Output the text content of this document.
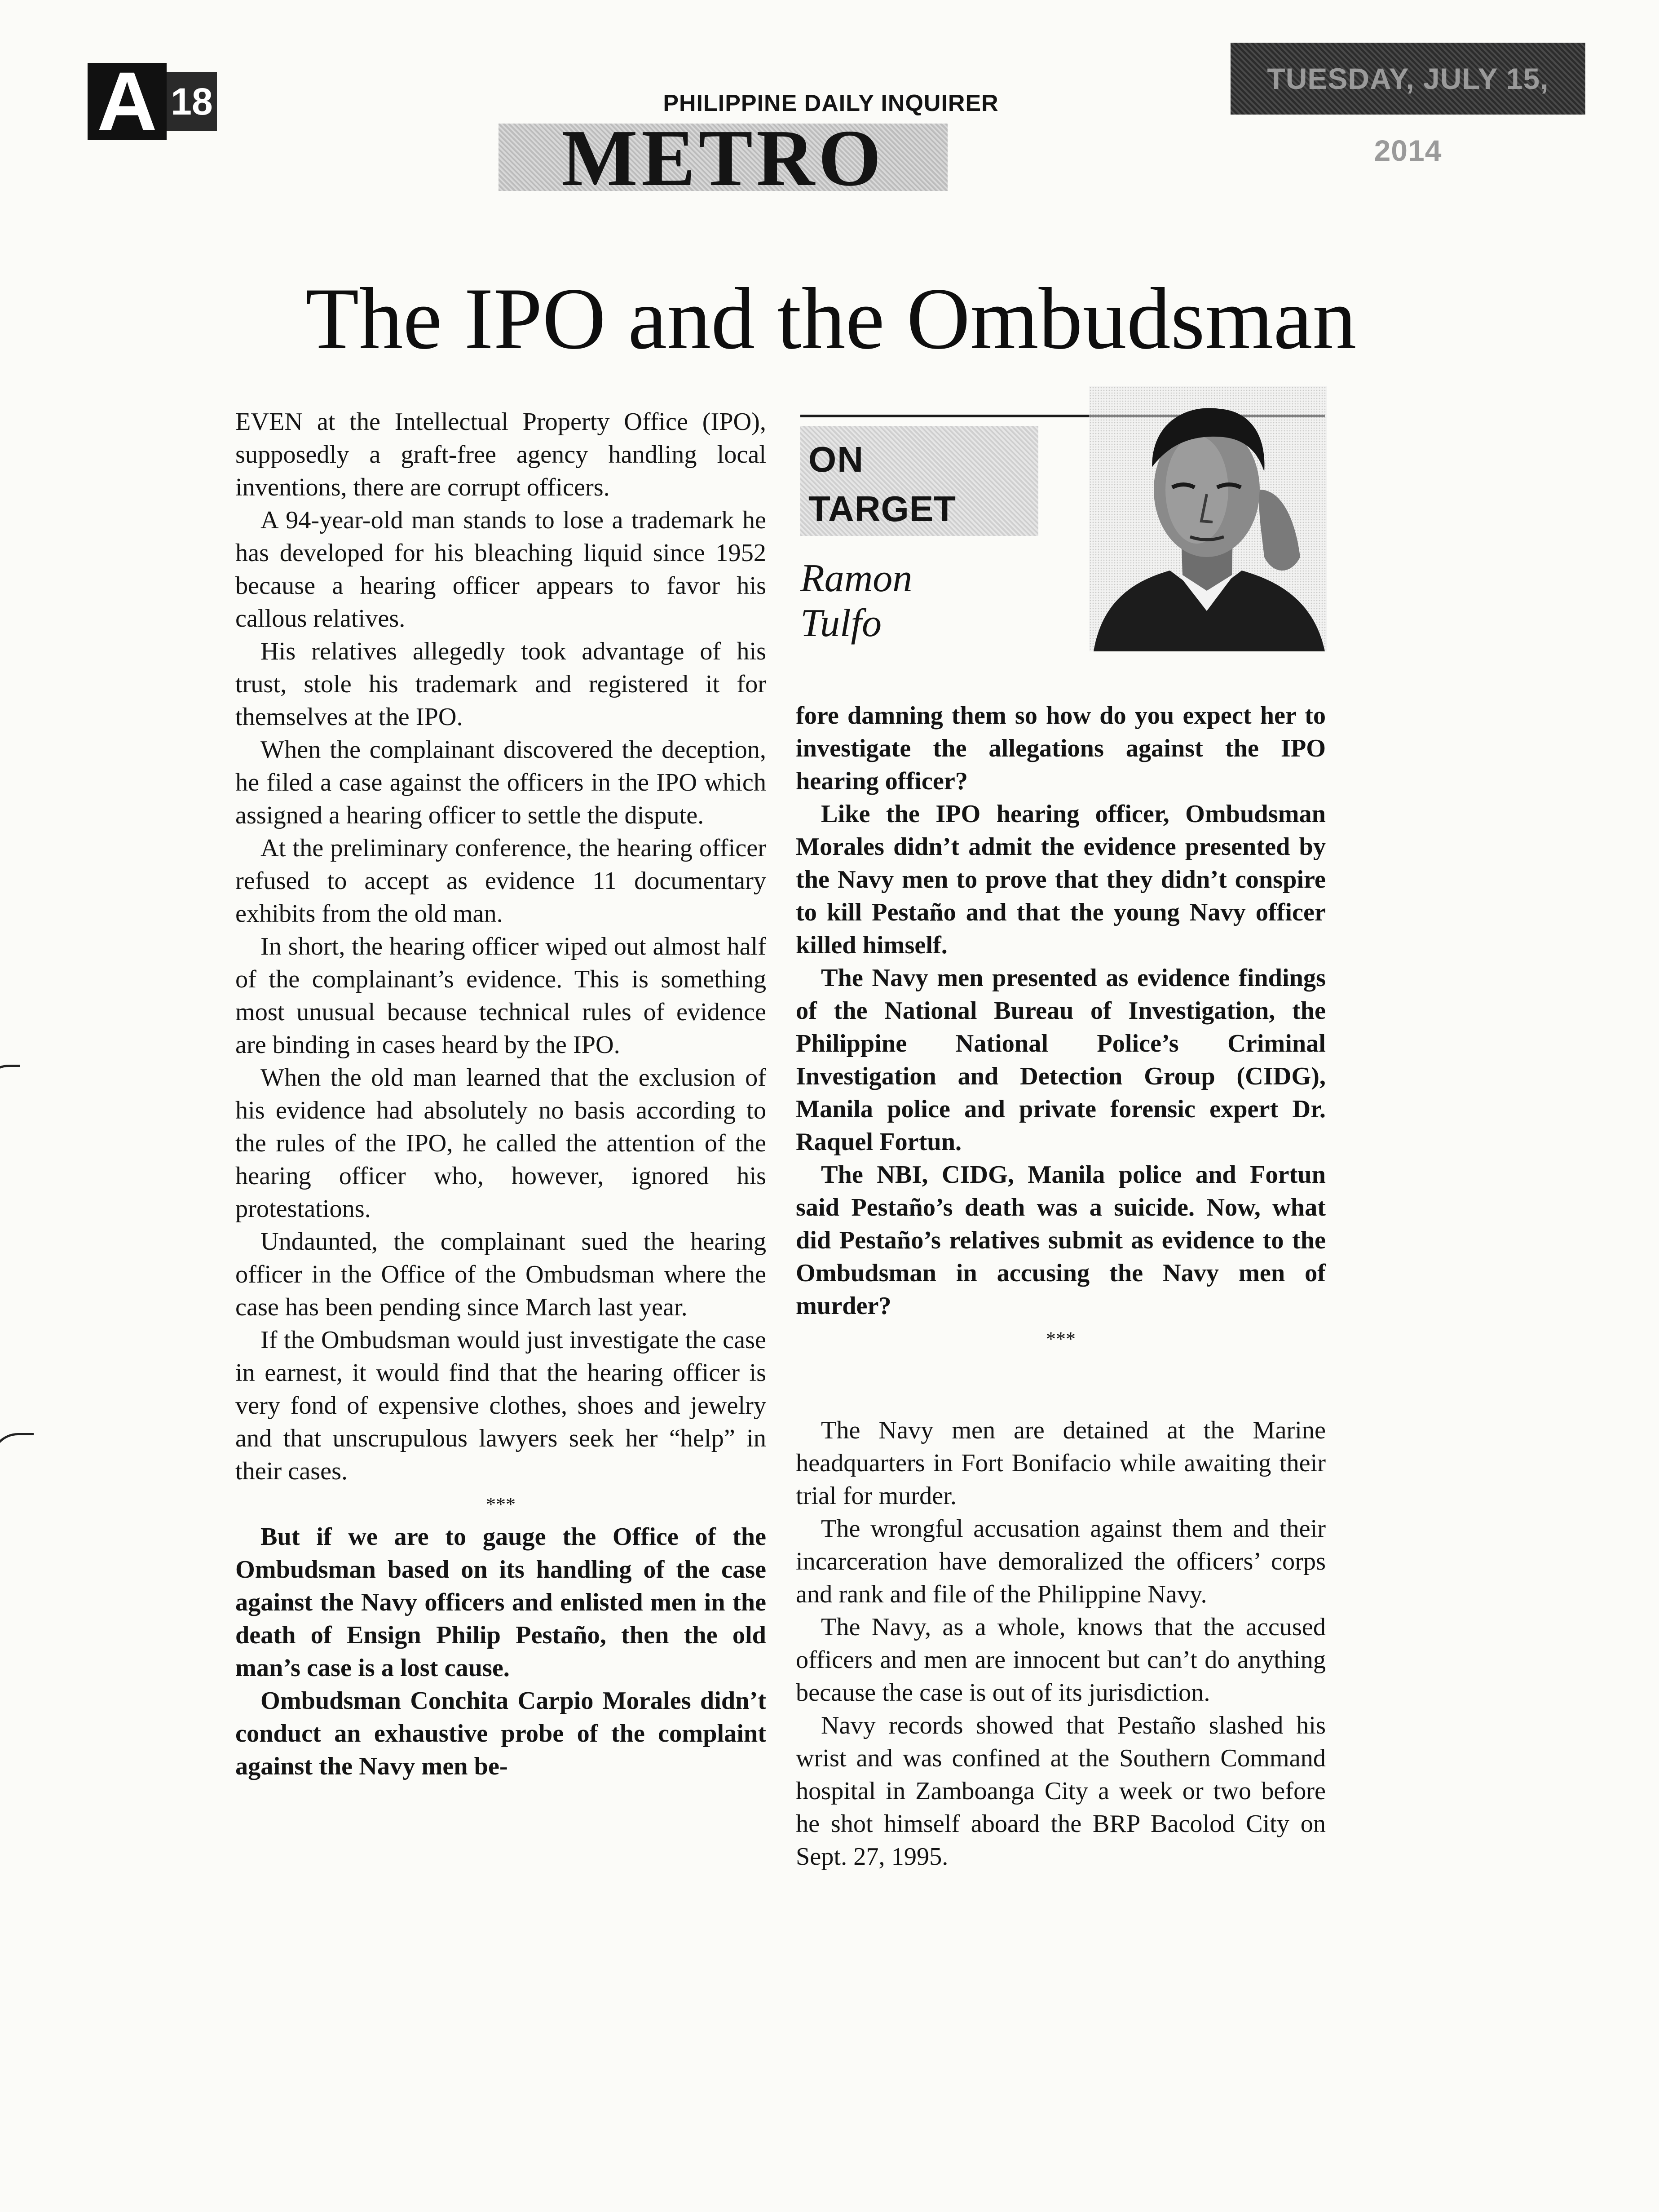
A 18
TUESDAY, JULY 15, 2014
PHILIPPINE DAILY INQUIRER
METRO
The IPO and the Ombudsman

EVEN at the Intellectual Property Office (IPO), supposedly a graft-free agency handling local inventions, there are corrupt officers.

A 94-year-old man stands to lose a trademark he has developed for his bleaching liquid since 1952 because a hearing officer appears to favor his callous relatives.

His relatives allegedly took advantage of his trust, stole his trademark and registered it for themselves at the IPO.

When the complainant discovered the deception, he filed a case against the officers in the IPO which assigned a hearing officer to settle the dispute.

At the preliminary conference, the hearing officer refused to accept as evidence 11 documentary exhibits from the old man.

In short, the hearing officer wiped out almost half of the complainant’s evidence. This is something most unusual because technical rules of evidence are binding in cases heard by the IPO.

When the old man learned that the exclusion of his evidence had absolutely no basis according to the rules of the IPO, he called the attention of the hearing officer who, however, ignored his protestations.

Undaunted, the complainant sued the hearing officer in the Office of the Ombudsman where the case has been pending since March last year.

If the Ombudsman would just investigate the case in earnest, it would find that the hearing officer is very fond of expensive clothes, shoes and jewelry and that unscrupulous lawyers seek her “help” in their cases.

***

But if we are to gauge the Office of the Ombudsman based on its handling of the case against the Navy officers and enlisted men in the death of Ensign Philip Pestaño, then the old man’s case is a lost cause.

Ombudsman Conchita Carpio Morales didn’t conduct an exhaustive probe of the complaint against the Navy men be-

ON
TARGET
Ramon
Tulfo

fore damning them so how do you expect her to investigate the allegations against the IPO hearing officer?

Like the IPO hearing officer, Ombudsman Morales didn’t admit the evidence presented by the Navy men to prove that they didn’t conspire to kill Pestaño and that the young Navy officer killed himself.

The Navy men presented as evidence findings of the National Bureau of Investigation, the Philippine National Police’s Criminal Investigation and Detection Group (CIDG), Manila police and private forensic expert Dr. Raquel Fortun.

The NBI, CIDG, Manila police and Fortun said Pestaño’s death was a suicide. Now, what did Pestaño’s relatives submit as evidence to the Ombudsman in accusing the Navy men of murder?

***

The Navy men are detained at the Marine headquarters in Fort Bonifacio while awaiting their trial for murder.

The wrongful accusation against them and their incarceration have demoralized the officers’ corps and rank and file of the Philippine Navy.

The Navy, as a whole, knows that the accused officers and men are innocent but can’t do anything because the case is out of its jurisdiction.

Navy records showed that Pestaño slashed his wrist and was confined at the Southern Command hospital in Zamboanga City a week or two before he shot himself aboard the BRP Bacolod City on Sept. 27, 1995.
